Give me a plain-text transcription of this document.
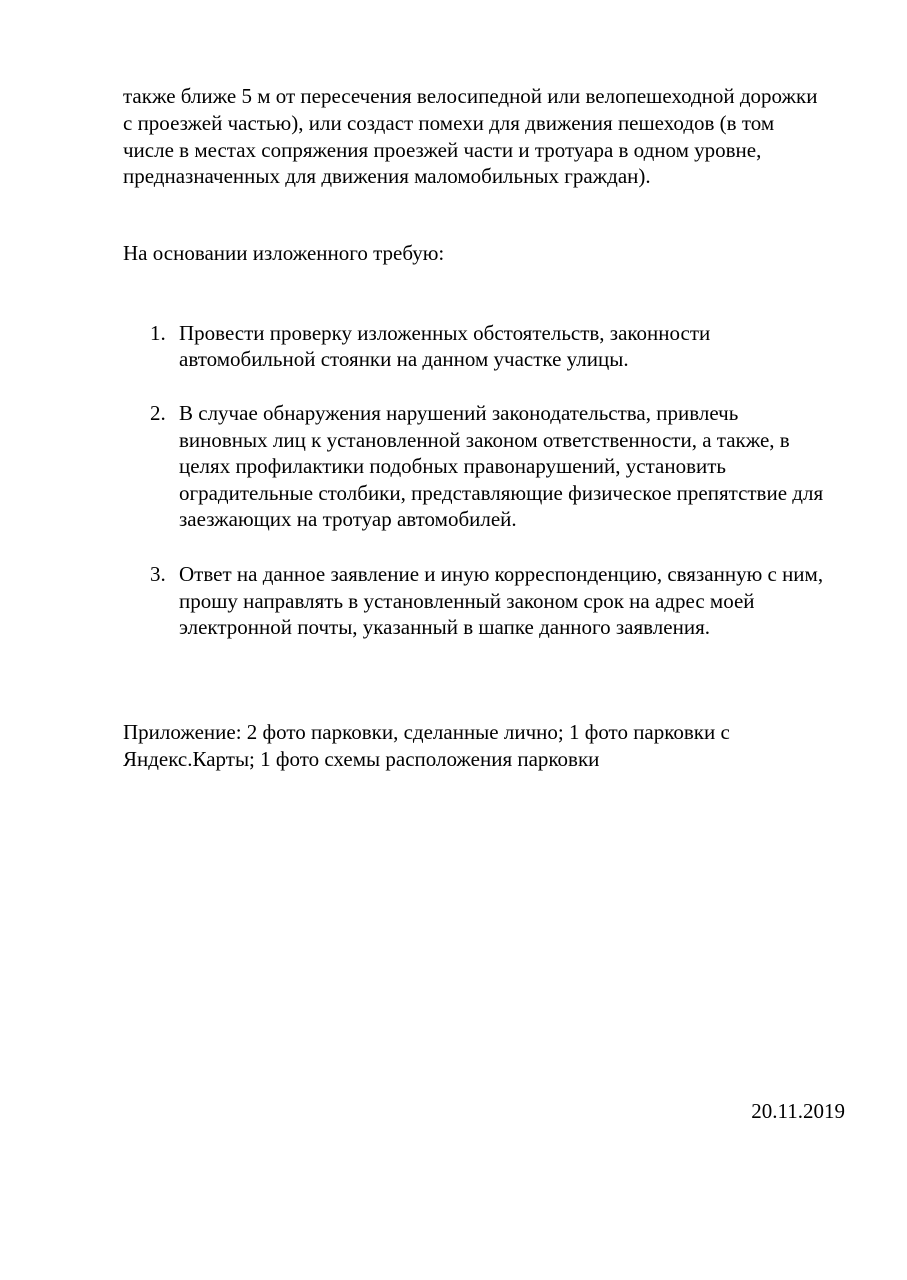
также ближе 5 м от пересечения велосипедной или велопешеходной дорожки
с проезжей частью), или создаст помехи для движения пешеходов (в том
числе в местах сопряжения проезжей части и тротуара в одном уровне,
предназначенных для движения маломобильных граждан).
На основании изложенного требую:
1. Провести проверку изложенных обстоятельств, законности
автомобильной стоянки на данном участке улицы.
2. В случае обнаружения нарушений законодательства, привлечь
виновных лиц к установленной законом ответственности, а также, в
целях профилактики подобных правонарушений, установить
оградительные столбики, представляющие физическое препятствие для
заезжающих на тротуар автомобилей.
3. Ответ на данное заявление и иную корреспонденцию, связанную с ним,
прошу направлять в установленный законом срок на адрес моей
электронной почты, указанный в шапке данного заявления.
Приложение: 2 фото парковки, сделанные лично; 1 фото парковки с
Яндекс.Карты; 1 фото схемы расположения парковки
20.11.2019
